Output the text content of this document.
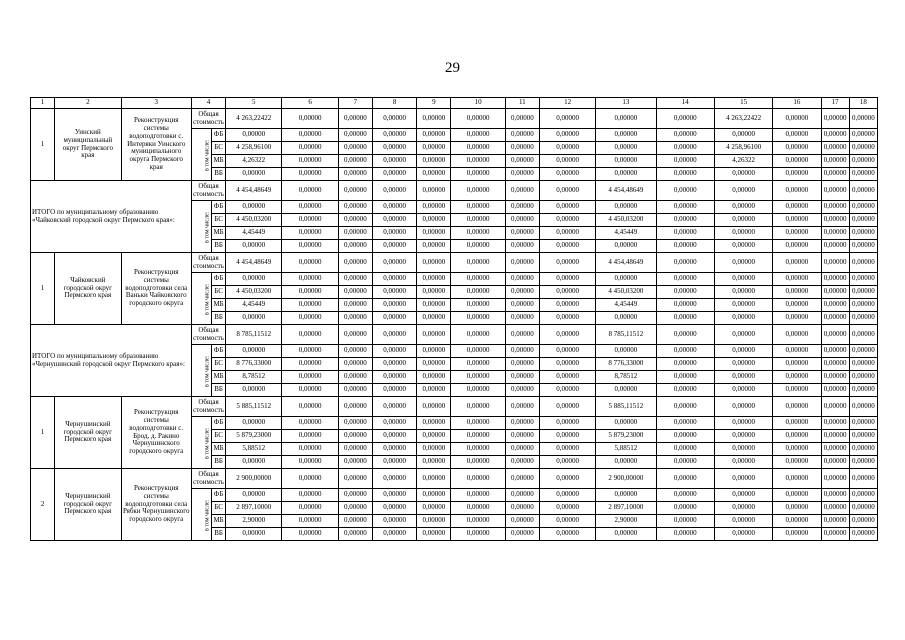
29
1	2	3	4		5	6	7	8	9	10	11	12	13	14	15	16	17	18
1	Уинский муниципальный округ Пермского края	Реконструкция системы водоподготовки с. Интеряки Уинского муниципального округа Пермского края	Общая стоимость		4 263,22422	0,00000	0,00000	0,00000	0,00000	0,00000	0,00000	0,00000	0,00000	0,00000	4 263,22422	0,00000	0,00000	0,00000
			в том числе:	ФБ	0,00000	0,00000	0,00000	0,00000	0,00000	0,00000	0,00000	0,00000	0,00000	0,00000	0,00000	0,00000	0,00000	0,00000
				БС	4 258,96100	0,00000	0,00000	0,00000	0,00000	0,00000	0,00000	0,00000	0,00000	0,00000	4 258,96100	0,00000	0,00000	0,00000
				МБ	4,26322	0,00000	0,00000	0,00000	0,00000	0,00000	0,00000	0,00000	0,00000	0,00000	4,26322	0,00000	0,00000	0,00000
				ВБ	0,00000	0,00000	0,00000	0,00000	0,00000	0,00000	0,00000	0,00000	0,00000	0,00000	0,00000	0,00000	0,00000	0,00000
ИТОГО по муниципальному образованию «Чайковский городской округ Пермского края»:			Общая стоимость		4 454,48649	0,00000	0,00000	0,00000	0,00000	0,00000	0,00000	0,00000	4 454,48649	0,00000	0,00000	0,00000	0,00000	0,00000
			в том числе:	ФБ	0,00000	0,00000	0,00000	0,00000	0,00000	0,00000	0,00000	0,00000	0,00000	0,00000	0,00000	0,00000	0,00000	0,00000
				БС	4 450,03200	0,00000	0,00000	0,00000	0,00000	0,00000	0,00000	0,00000	4 450,03200	0,00000	0,00000	0,00000	0,00000	0,00000
				МБ	4,45449	0,00000	0,00000	0,00000	0,00000	0,00000	0,00000	0,00000	4,45449	0,00000	0,00000	0,00000	0,00000	0,00000
				ВБ	0,00000	0,00000	0,00000	0,00000	0,00000	0,00000	0,00000	0,00000	0,00000	0,00000	0,00000	0,00000	0,00000	0,00000
1	Чайковский городской округ Пермского края	Реконструкция системы водоподготовки села Ваньки Чайковского городского округа	Общая стоимость		4 454,48649	0,00000	0,00000	0,00000	0,00000	0,00000	0,00000	0,00000	4 454,48649	0,00000	0,00000	0,00000	0,00000	0,00000
			в том числе:	ФБ	0,00000	0,00000	0,00000	0,00000	0,00000	0,00000	0,00000	0,00000	0,00000	0,00000	0,00000	0,00000	0,00000	0,00000
				БС	4 450,03200	0,00000	0,00000	0,00000	0,00000	0,00000	0,00000	0,00000	4 450,03200	0,00000	0,00000	0,00000	0,00000	0,00000
				МБ	4,45449	0,00000	0,00000	0,00000	0,00000	0,00000	0,00000	0,00000	4,45449	0,00000	0,00000	0,00000	0,00000	0,00000
				ВБ	0,00000	0,00000	0,00000	0,00000	0,00000	0,00000	0,00000	0,00000	0,00000	0,00000	0,00000	0,00000	0,00000	0,00000
ИТОГО по муниципальному образованию «Чернушинский городской округ Пермского края»:			Общая стоимость		8 785,11512	0,00000	0,00000	0,00000	0,00000	0,00000	0,00000	0,00000	8 785,11512	0,00000	0,00000	0,00000	0,00000	0,00000
			в том числе:	ФБ	0,00000	0,00000	0,00000	0,00000	0,00000	0,00000	0,00000	0,00000	0,00000	0,00000	0,00000	0,00000	0,00000	0,00000
				БС	8 776,33000	0,00000	0,00000	0,00000	0,00000	0,00000	0,00000	0,00000	8 776,33000	0,00000	0,00000	0,00000	0,00000	0,00000
				МБ	8,78512	0,00000	0,00000	0,00000	0,00000	0,00000	0,00000	0,00000	8,78512	0,00000	0,00000	0,00000	0,00000	0,00000
				ВБ	0,00000	0,00000	0,00000	0,00000	0,00000	0,00000	0,00000	0,00000	0,00000	0,00000	0,00000	0,00000	0,00000	0,00000
1	Чернушинский городской округ Пермского края	Реконструкция системы водоподготовки с. Брод, д. Ракино Чернушинского городского округа	Общая стоимость		5 885,11512	0,00000	0,00000	0,00000	0,00000	0,00000	0,00000	0,00000	5 885,11512	0,00000	0,00000	0,00000	0,00000	0,00000
			в том числе:	ФБ	0,00000	0,00000	0,00000	0,00000	0,00000	0,00000	0,00000	0,00000	0,00000	0,00000	0,00000	0,00000	0,00000	0,00000
				БС	5 879,23000	0,00000	0,00000	0,00000	0,00000	0,00000	0,00000	0,00000	5 879,23000	0,00000	0,00000	0,00000	0,00000	0,00000
				МБ	5,88512	0,00000	0,00000	0,00000	0,00000	0,00000	0,00000	0,00000	5,88512	0,00000	0,00000	0,00000	0,00000	0,00000
				ВБ	0,00000	0,00000	0,00000	0,00000	0,00000	0,00000	0,00000	0,00000	0,00000	0,00000	0,00000	0,00000	0,00000	0,00000
2	Чернушинский городской округ Пермского края	Реконструкция системы водоподготовки села Рябки Чернушинского городского округа	Общая стоимость		2 900,00000	0,00000	0,00000	0,00000	0,00000	0,00000	0,00000	0,00000	2 900,00000	0,00000	0,00000	0,00000	0,00000	0,00000
			в том числе:	ФБ	0,00000	0,00000	0,00000	0,00000	0,00000	0,00000	0,00000	0,00000	0,00000	0,00000	0,00000	0,00000	0,00000	0,00000
				БС	2 897,10000	0,00000	0,00000	0,00000	0,00000	0,00000	0,00000	0,00000	2 897,10000	0,00000	0,00000	0,00000	0,00000	0,00000
				МБ	2,90000	0,00000	0,00000	0,00000	0,00000	0,00000	0,00000	0,00000	2,90000	0,00000	0,00000	0,00000	0,00000	0,00000
				ВБ	0,00000	0,00000	0,00000	0,00000	0,00000	0,00000	0,00000	0,00000	0,00000	0,00000	0,00000	0,00000	0,00000	0,00000
